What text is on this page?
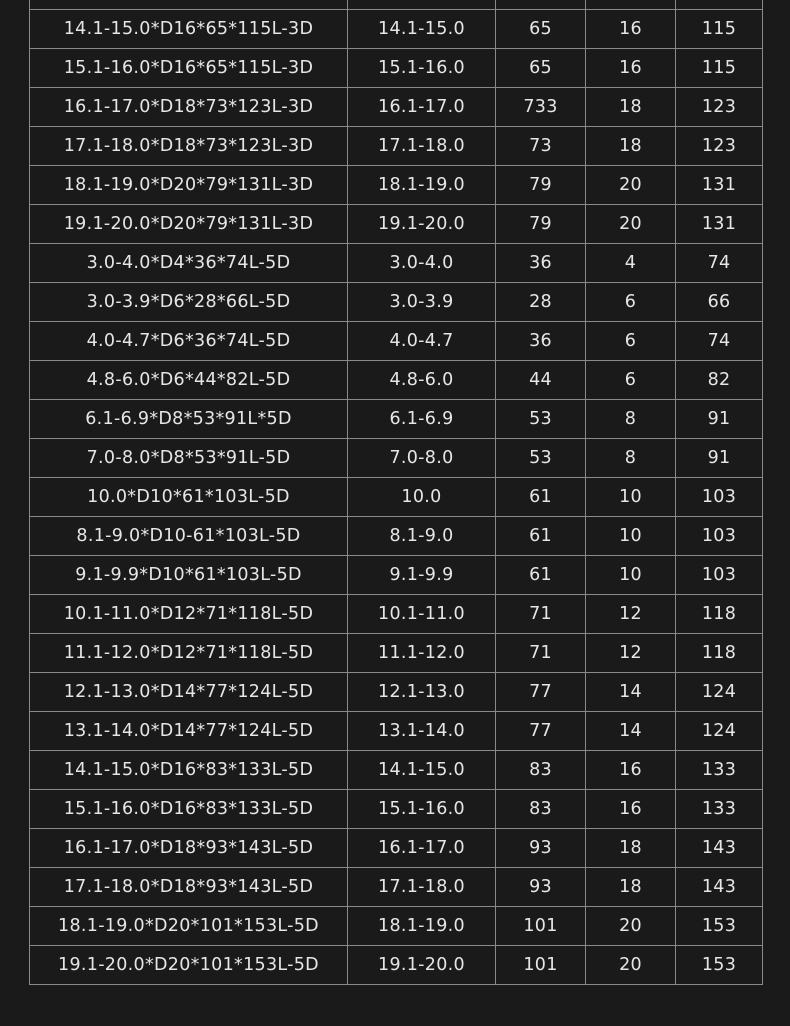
14.1-15.0*D16*65*115L-3D	14.1-15.0	65	16	115
15.1-16.0*D16*65*115L-3D	15.1-16.0	65	16	115
16.1-17.0*D18*73*123L-3D	16.1-17.0	733	18	123
17.1-18.0*D18*73*123L-3D	17.1-18.0	73	18	123
18.1-19.0*D20*79*131L-3D	18.1-19.0	79	20	131
19.1-20.0*D20*79*131L-3D	19.1-20.0	79	20	131
3.0-4.0*D4*36*74L-5D	3.0-4.0	36	4	74
3.0-3.9*D6*28*66L-5D	3.0-3.9	28	6	66
4.0-4.7*D6*36*74L-5D	4.0-4.7	36	6	74
4.8-6.0*D6*44*82L-5D	4.8-6.0	44	6	82
6.1-6.9*D8*53*91L*5D	6.1-6.9	53	8	91
7.0-8.0*D8*53*91L-5D	7.0-8.0	53	8	91
10.0*D10*61*103L-5D	10.0	61	10	103
8.1-9.0*D10-61*103L-5D	8.1-9.0	61	10	103
9.1-9.9*D10*61*103L-5D	9.1-9.9	61	10	103
10.1-11.0*D12*71*118L-5D	10.1-11.0	71	12	118
11.1-12.0*D12*71*118L-5D	11.1-12.0	71	12	118
12.1-13.0*D14*77*124L-5D	12.1-13.0	77	14	124
13.1-14.0*D14*77*124L-5D	13.1-14.0	77	14	124
14.1-15.0*D16*83*133L-5D	14.1-15.0	83	16	133
15.1-16.0*D16*83*133L-5D	15.1-16.0	83	16	133
16.1-17.0*D18*93*143L-5D	16.1-17.0	93	18	143
17.1-18.0*D18*93*143L-5D	17.1-18.0	93	18	143
18.1-19.0*D20*101*153L-5D	18.1-19.0	101	20	153
19.1-20.0*D20*101*153L-5D	19.1-20.0	101	20	153
